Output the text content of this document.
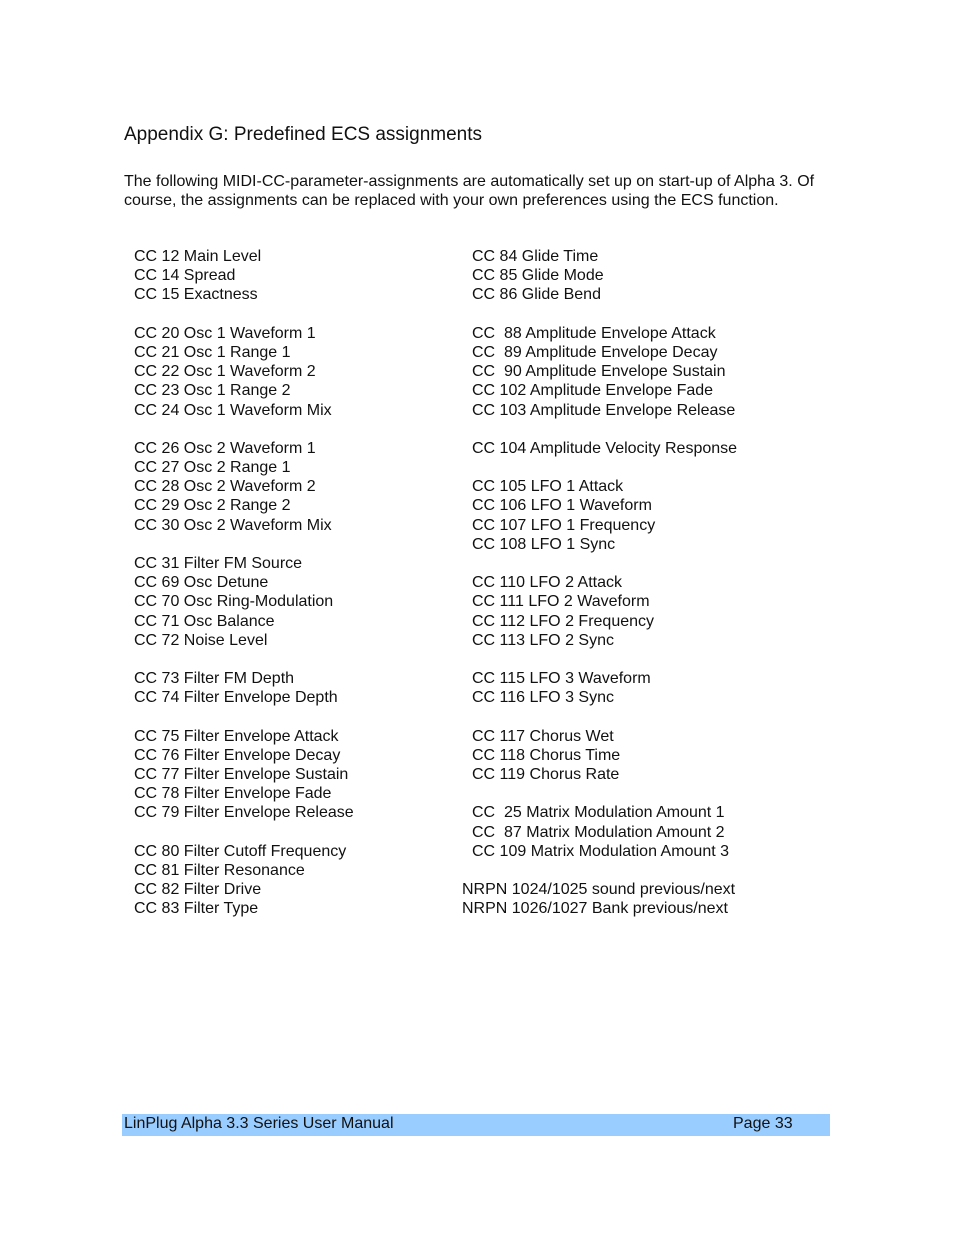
Appendix G: Predefined ECS assignments
The following MIDI-CC-parameter-assignments are automatically set up on start-up of Alpha 3. Of course, the assignments can be replaced with your own preferences using the ECS function.
CC 12 Main Level
CC 14 Spread
CC 15 Exactness
CC 20 Osc 1 Waveform 1
CC 21 Osc 1 Range 1
CC 22 Osc 1 Waveform 2
CC 23 Osc 1 Range 2
CC 24 Osc 1 Waveform Mix
CC 26 Osc 2 Waveform 1
CC 27 Osc 2 Range 1
CC 28 Osc 2 Waveform 2
CC 29 Osc 2 Range 2
CC 30 Osc 2 Waveform Mix
CC 31 Filter FM Source
CC 69 Osc Detune
CC 70 Osc Ring-Modulation
CC 71 Osc Balance
CC 72 Noise Level
CC 73 Filter FM Depth
CC 74 Filter Envelope Depth
CC 75 Filter Envelope Attack
CC 76 Filter Envelope Decay
CC 77 Filter Envelope Sustain
CC 78 Filter Envelope Fade
CC 79 Filter Envelope Release
CC 80 Filter Cutoff Frequency
CC 81 Filter Resonance
CC 82 Filter Drive
CC 83 Filter Type
CC 84 Glide Time
CC 85 Glide Mode
CC 86 Glide Bend
CC  88 Amplitude Envelope Attack
CC  89 Amplitude Envelope Decay
CC  90 Amplitude Envelope Sustain
CC 102 Amplitude Envelope Fade
CC 103 Amplitude Envelope Release
CC 104 Amplitude Velocity Response
CC 105 LFO 1 Attack
CC 106 LFO 1 Waveform
CC 107 LFO 1 Frequency
CC 108 LFO 1 Sync
CC 110 LFO 2 Attack
CC 111 LFO 2 Waveform
CC 112 LFO 2 Frequency
CC 113 LFO 2 Sync
CC 115 LFO 3 Waveform
CC 116 LFO 3 Sync
CC 117 Chorus Wet
CC 118 Chorus Time
CC 119 Chorus Rate
CC  25 Matrix Modulation Amount 1
CC  87 Matrix Modulation Amount 2
CC 109 Matrix Modulation Amount 3
NRPN 1024/1025 sound previous/next
NRPN 1026/1027 Bank previous/next
LinPlug Alpha 3.3 Series User Manual	Page 33
